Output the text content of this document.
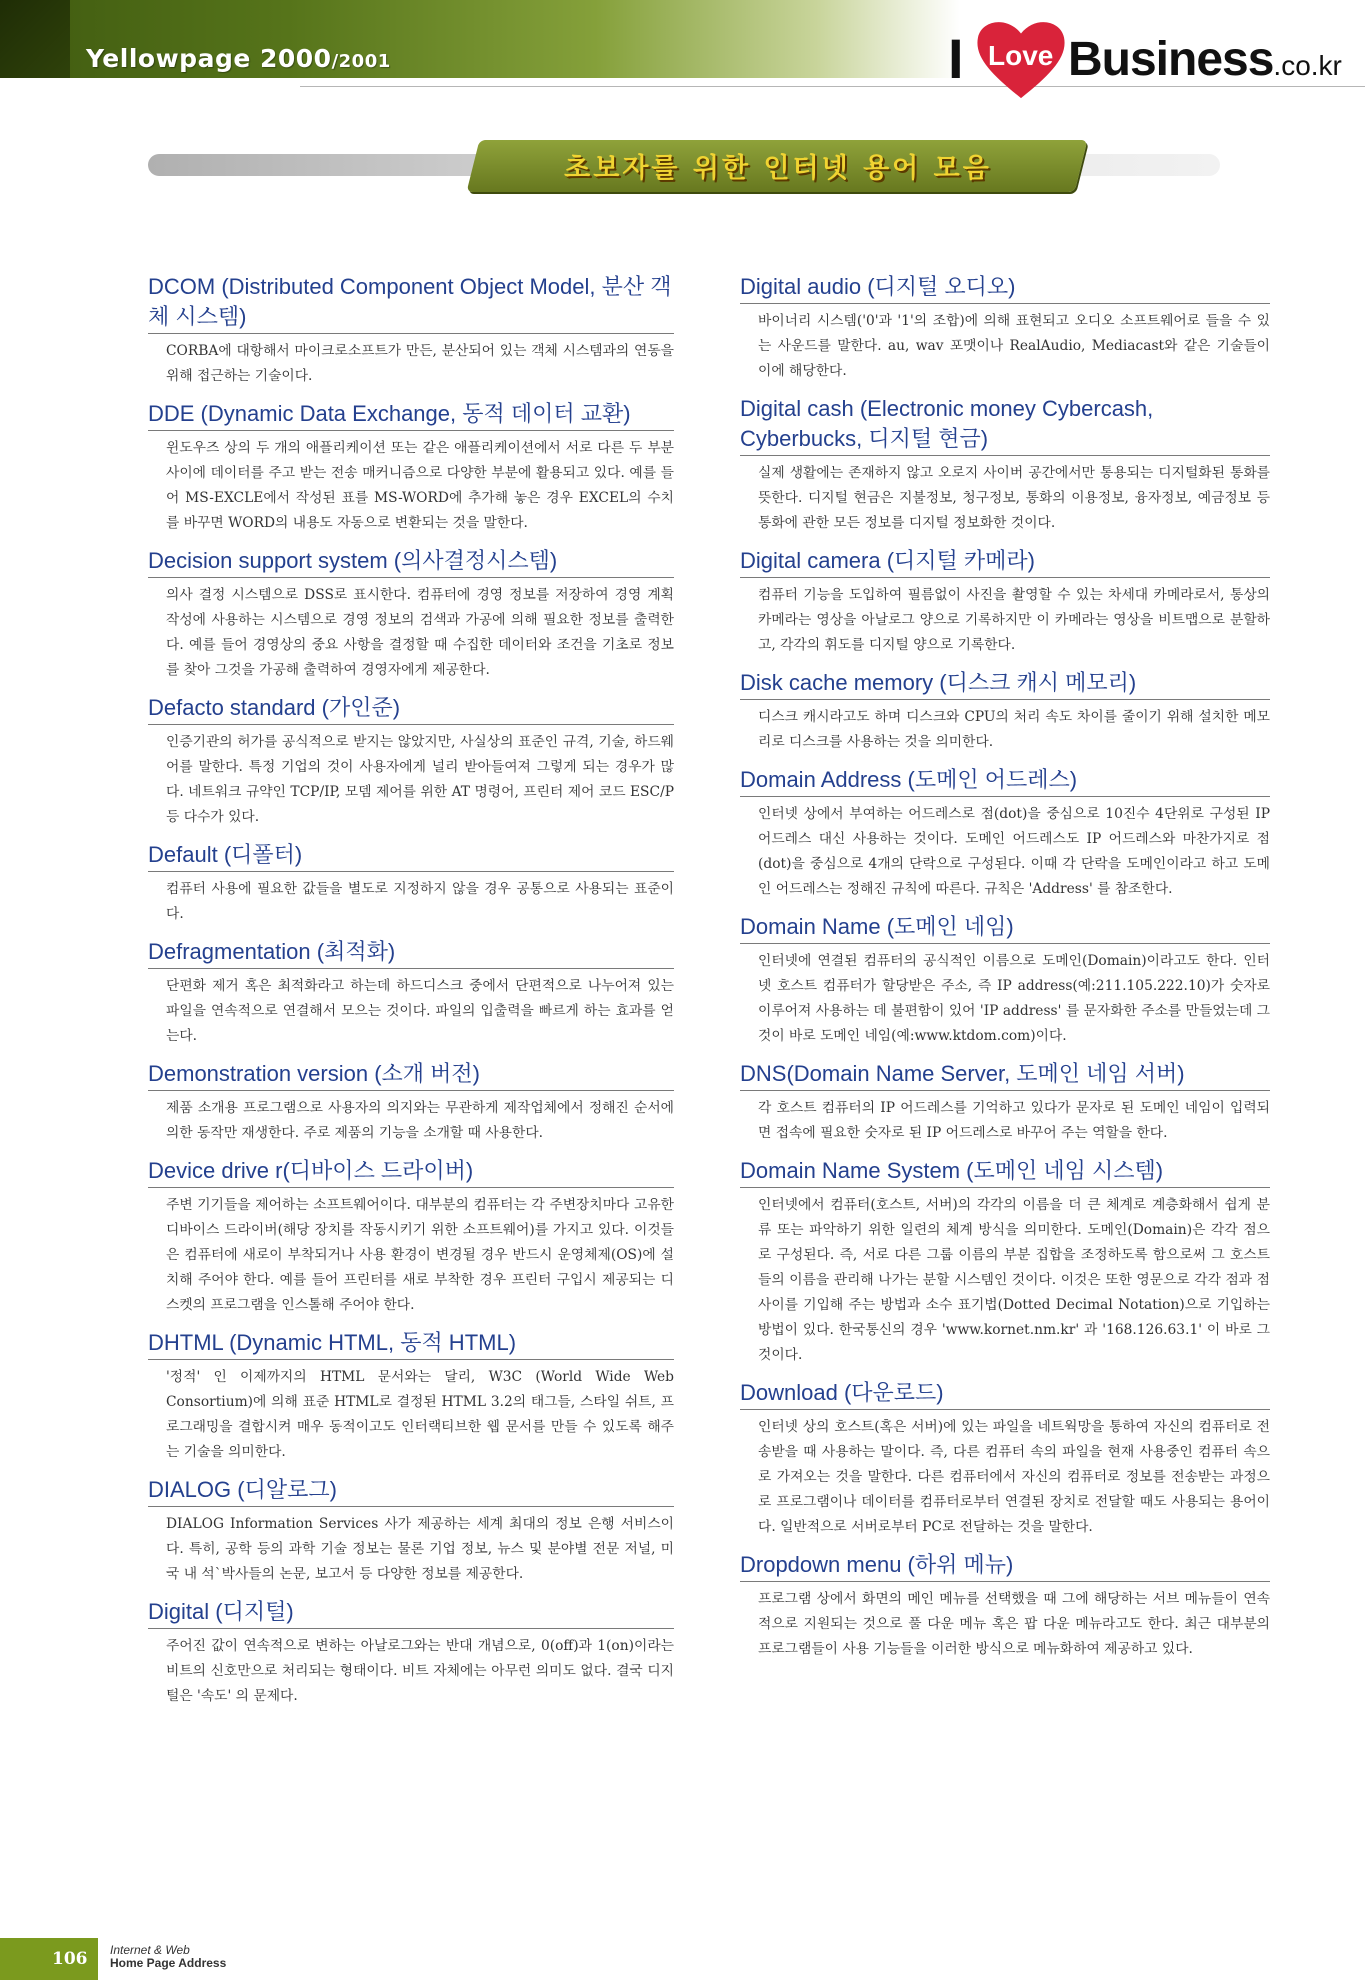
Yellowpage 2000/2001	I Love Business.co.kr
초보자를 위한 인터넷 용어 모음
DCOM (Distributed Component Object Model, 분산 객체 시스템)

CORBA에 대항해서 마이크로소프트가 만든, 분산되어 있는 객체 시스템과의 연동을 위해 접근하는 기술이다.

DDE (Dynamic Data Exchange, 동적 데이터 교환)

윈도우즈 상의 두 개의 애플리케이션 또는 같은 애플리케이션에서 서로 다른 두 부분 사이에 데이터를 주고 받는 전송 매커니즘으로 다양한 부분에 활용되고 있다. 예를 들어 MS-EXCLE에서 작성된 표를 MS-WORD에 추가해 놓은 경우 EXCEL의 수치를 바꾸면 WORD의 내용도 자동으로 변환되는 것을 말한다.

Decision support system (의사결정시스템)

의사 결정 시스템으로 DSS로 표시한다. 컴퓨터에 경영 정보를 저장하여 경영 계획 작성에 사용하는 시스템으로 경영 정보의 검색과 가공에 의해 필요한 정보를 출력한다. 예를 들어 경영상의 중요 사항을 결정할 때 수집한 데이터와 조건을 기초로 정보를 찾아 그것을 가공해 출력하여 경영자에게 제공한다.

Defacto standard (가인준)

인증기관의 허가를 공식적으로 받지는 않았지만, 사실상의 표준인 규격, 기술, 하드웨어를 말한다. 특정 기업의 것이 사용자에게 널리 받아들여져 그렇게 되는 경우가 많다. 네트워크 규약인 TCP/IP, 모뎀 제어를 위한 AT 명령어, 프린터 제어 코드 ESC/P 등 다수가 있다.

Default (디폴터)

컴퓨터 사용에 필요한 값들을 별도로 지정하지 않을 경우 공통으로 사용되는 표준이다.

Defragmentation (최적화)

단편화 제거 혹은 최적화라고 하는데 하드디스크 중에서 단편적으로 나누어져 있는 파일을 연속적으로 연결해서 모으는 것이다. 파일의 입출력을 빠르게 하는 효과를 얻는다.

Demonstration version (소개 버전)

제품 소개용 프로그램으로 사용자의 의지와는 무관하게 제작업체에서 정해진 순서에 의한 동작만 재생한다. 주로 제품의 기능을 소개할 때 사용한다.

Device drive r(디바이스 드라이버)

주변 기기들을 제어하는 소프트웨어이다. 대부분의 컴퓨터는 각 주변장치마다 고유한 디바이스 드라이버(해당 장치를 작동시키기 위한 소프트웨어)를 가지고 있다. 이것들은 컴퓨터에 새로이 부착되거나 사용 환경이 변경될 경우 반드시 운영체제(OS)에 설치해 주어야 한다. 예를 들어 프린터를 새로 부착한 경우 프린터 구입시 제공되는 디스켓의 프로그램을 인스톨해 주어야 한다.

DHTML (Dynamic HTML, 동적 HTML)

'정적' 인 이제까지의 HTML 문서와는 달리, W3C (World Wide Web Consortium)에 의해 표준 HTML로 결정된 HTML 3.2의 태그들, 스타일 쉬트, 프로그래밍을 결합시켜 매우 동적이고도 인터랙티브한 웹 문서를 만들 수 있도록 해주는 기술을 의미한다.

DIALOG (디알로그)

DIALOG Information Services 사가 제공하는 세계 최대의 정보 은행 서비스이다. 특히, 공학 등의 과학 기술 정보는 물론 기업 정보, 뉴스 및 분야별 전문 저널, 미국 내 석`박사들의 논문, 보고서 등 다양한 정보를 제공한다.

Digital (디지털)

주어진 값이 연속적으로 변하는 아날로그와는 반대 개념으로, 0(off)과 1(on)이라는 비트의 신호만으로 처리되는 형태이다. 비트 자체에는 아무런 의미도 없다. 결국 디지털은 '속도' 의 문제다.

Digital audio (디지털 오디오)

바이너리 시스템('0'과 '1'의 조합)에 의해 표현되고 오디오 소프트웨어로 들을 수 있는 사운드를 말한다. au, wav 포맷이나 RealAudio, Mediacast와 같은 기술들이 이에 해당한다.

Digital cash (Electronic money Cybercash, Cyberbucks, 디지털 현금)

실제 생활에는 존재하지 않고 오로지 사이버 공간에서만 통용되는 디지털화된 통화를 뜻한다. 디지털 현금은 지불정보, 청구정보, 통화의 이용정보, 융자정보, 예금정보 등 통화에 관한 모든 정보를 디지털 정보화한 것이다.

Digital camera (디지털 카메라)

컴퓨터 기능을 도입하여 필름없이 사진을 촬영할 수 있는 차세대 카메라로서, 통상의 카메라는 영상을 아날로그 양으로 기록하지만 이 카메라는 영상을 비트맵으로 분할하고, 각각의 휘도를 디지털 양으로 기록한다.

Disk cache memory (디스크 캐시 메모리)

디스크 캐시라고도 하며 디스크와 CPU의 처리 속도 차이를 줄이기 위해 설치한 메모리로 디스크를 사용하는 것을 의미한다.

Domain Address (도메인 어드레스)

인터넷 상에서 부여하는 어드레스로 점(dot)을 중심으로 10진수 4단위로 구성된 IP 어드레스 대신 사용하는 것이다. 도메인 어드레스도 IP 어드레스와 마찬가지로 점(dot)을 중심으로 4개의 단락으로 구성된다. 이때 각 단락을 도메인이라고 하고 도메인 어드레스는 정해진 규칙에 따른다. 규칙은 'Address' 를 참조한다.

Domain Name (도메인 네임)

인터넷에 연결된 컴퓨터의 공식적인 이름으로 도메인(Domain)이라고도 한다. 인터넷 호스트 컴퓨터가 할당받은 주소, 즉 IP address(예:211.105.222.10)가 숫자로 이루어져 사용하는 데 불편함이 있어 'IP address' 를 문자화한 주소를 만들었는데 그것이 바로 도메인 네임(예:www.ktdom.com)이다.

DNS(Domain Name Server, 도메인 네임 서버)

각 호스트 컴퓨터의 IP 어드레스를 기억하고 있다가 문자로 된 도메인 네임이 입력되면 접속에 필요한 숫자로 된 IP 어드레스로 바꾸어 주는 역할을 한다.

Domain Name System (도메인 네임 시스템)

인터넷에서 컴퓨터(호스트, 서버)의 각각의 이름을 더 큰 체계로 계층화해서 쉽게 분류 또는 파악하기 위한 일련의 체계 방식을 의미한다. 도메인(Domain)은 각각 점으로 구성된다. 즉, 서로 다른 그룹 이름의 부분 집합을 조정하도록 함으로써 그 호스트들의 이름을 관리해 나가는 분할 시스템인 것이다. 이것은 또한 영문으로 각각 점과 점 사이를 기입해 주는 방법과 소수 표기법(Dotted Decimal Notation)으로 기입하는 방법이 있다. 한국통신의 경우 'www.kornet.nm.kr' 과 '168.126.63.1' 이 바로 그것이다.

Download (다운로드)

인터넷 상의 호스트(혹은 서버)에 있는 파일을 네트웍망을 통하여 자신의 컴퓨터로 전송받을 때 사용하는 말이다. 즉, 다른 컴퓨터 속의 파일을 현재 사용중인 컴퓨터 속으로 가져오는 것을 말한다. 다른 컴퓨터에서 자신의 컴퓨터로 정보를 전송받는 과정으로 프로그램이나 데이터를 컴퓨터로부터 연결된 장치로 전달할 때도 사용되는 용어이다. 일반적으로 서버로부터 PC로 전달하는 것을 말한다.

Dropdown menu (하위 메뉴)

프로그램 상에서 화면의 메인 메뉴를 선택했을 때 그에 해당하는 서브 메뉴들이 연속적으로 지원되는 것으로 풀 다운 메뉴 혹은 팝 다운 메뉴라고도 한다. 최근 대부분의 프로그램들이 사용 기능들을 이러한 방식으로 메뉴화하여 제공하고 있다.

106 Internet & Web
Home Page Address
